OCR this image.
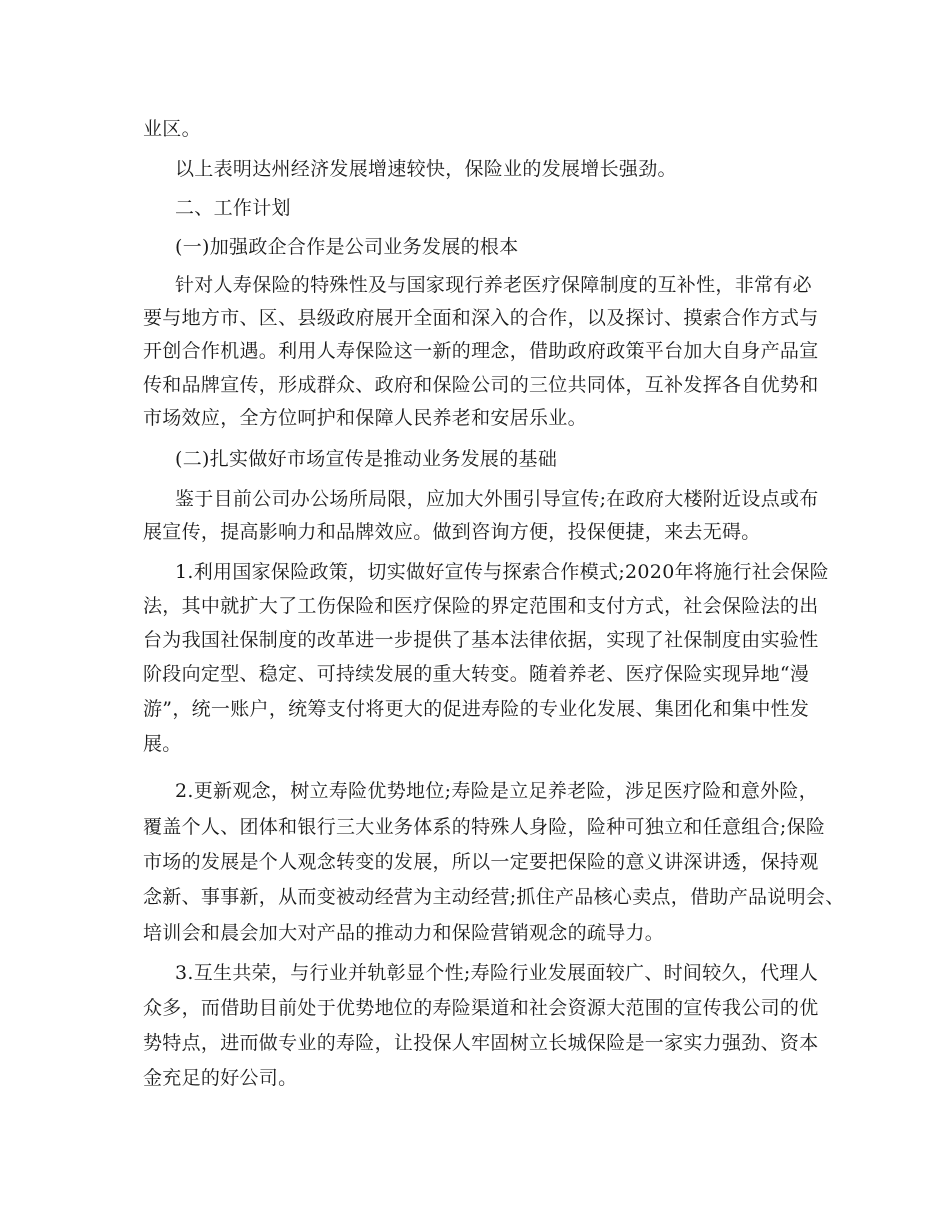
业区。
以上表明达州经济发展增速较快，保险业的发展增长强劲。
二、工作计划
(一)加强政企合作是公司业务发展的根本
针对人寿保险的特殊性及与国家现行养老医疗保障制度的互补性，非常有必
要与地方市、区、县级政府展开全面和深入的合作，以及探讨、摸索合作方式与
开创合作机遇。利用人寿保险这一新的理念，借助政府政策平台加大自身产品宣
传和品牌宣传，形成群众、政府和保险公司的三位共同体，互补发挥各自优势和
市场效应，全方位呵护和保障人民养老和安居乐业。
(二)扎实做好市场宣传是推动业务发展的基础
鉴于目前公司办公场所局限，应加大外围引导宣传;在政府大楼附近设点或布
展宣传，提高影响力和品牌效应。做到咨询方便，投保便捷，来去无碍。
1.利用国家保险政策，切实做好宣传与探索合作模式;2020年将施行社会保险
法，其中就扩大了工伤保险和医疗保险的界定范围和支付方式，社会保险法的出
台为我国社保制度的改革进一步提供了基本法律依据，实现了社保制度由实验性
阶段向定型、稳定、可持续发展的重大转变。随着养老、医疗保险实现异地“漫
游”，统一账户，统筹支付将更大的促进寿险的专业化发展、集团化和集中性发
展。
2.更新观念，树立寿险优势地位;寿险是立足养老险，涉足医疗险和意外险，
覆盖个人、团体和银行三大业务体系的特殊人身险，险种可独立和任意组合;保险
市场的发展是个人观念转变的发展，所以一定要把保险的意义讲深讲透，保持观
念新、事事新，从而变被动经营为主动经营;抓住产品核心卖点，借助产品说明会、
培训会和晨会加大对产品的推动力和保险营销观念的疏导力。
3.互生共荣，与行业并轨彰显个性;寿险行业发展面较广、时间较久，代理人
众多，而借助目前处于优势地位的寿险渠道和社会资源大范围的宣传我公司的优
势特点，进而做专业的寿险，让投保人牢固树立长城保险是一家实力强劲、资本
金充足的好公司。
